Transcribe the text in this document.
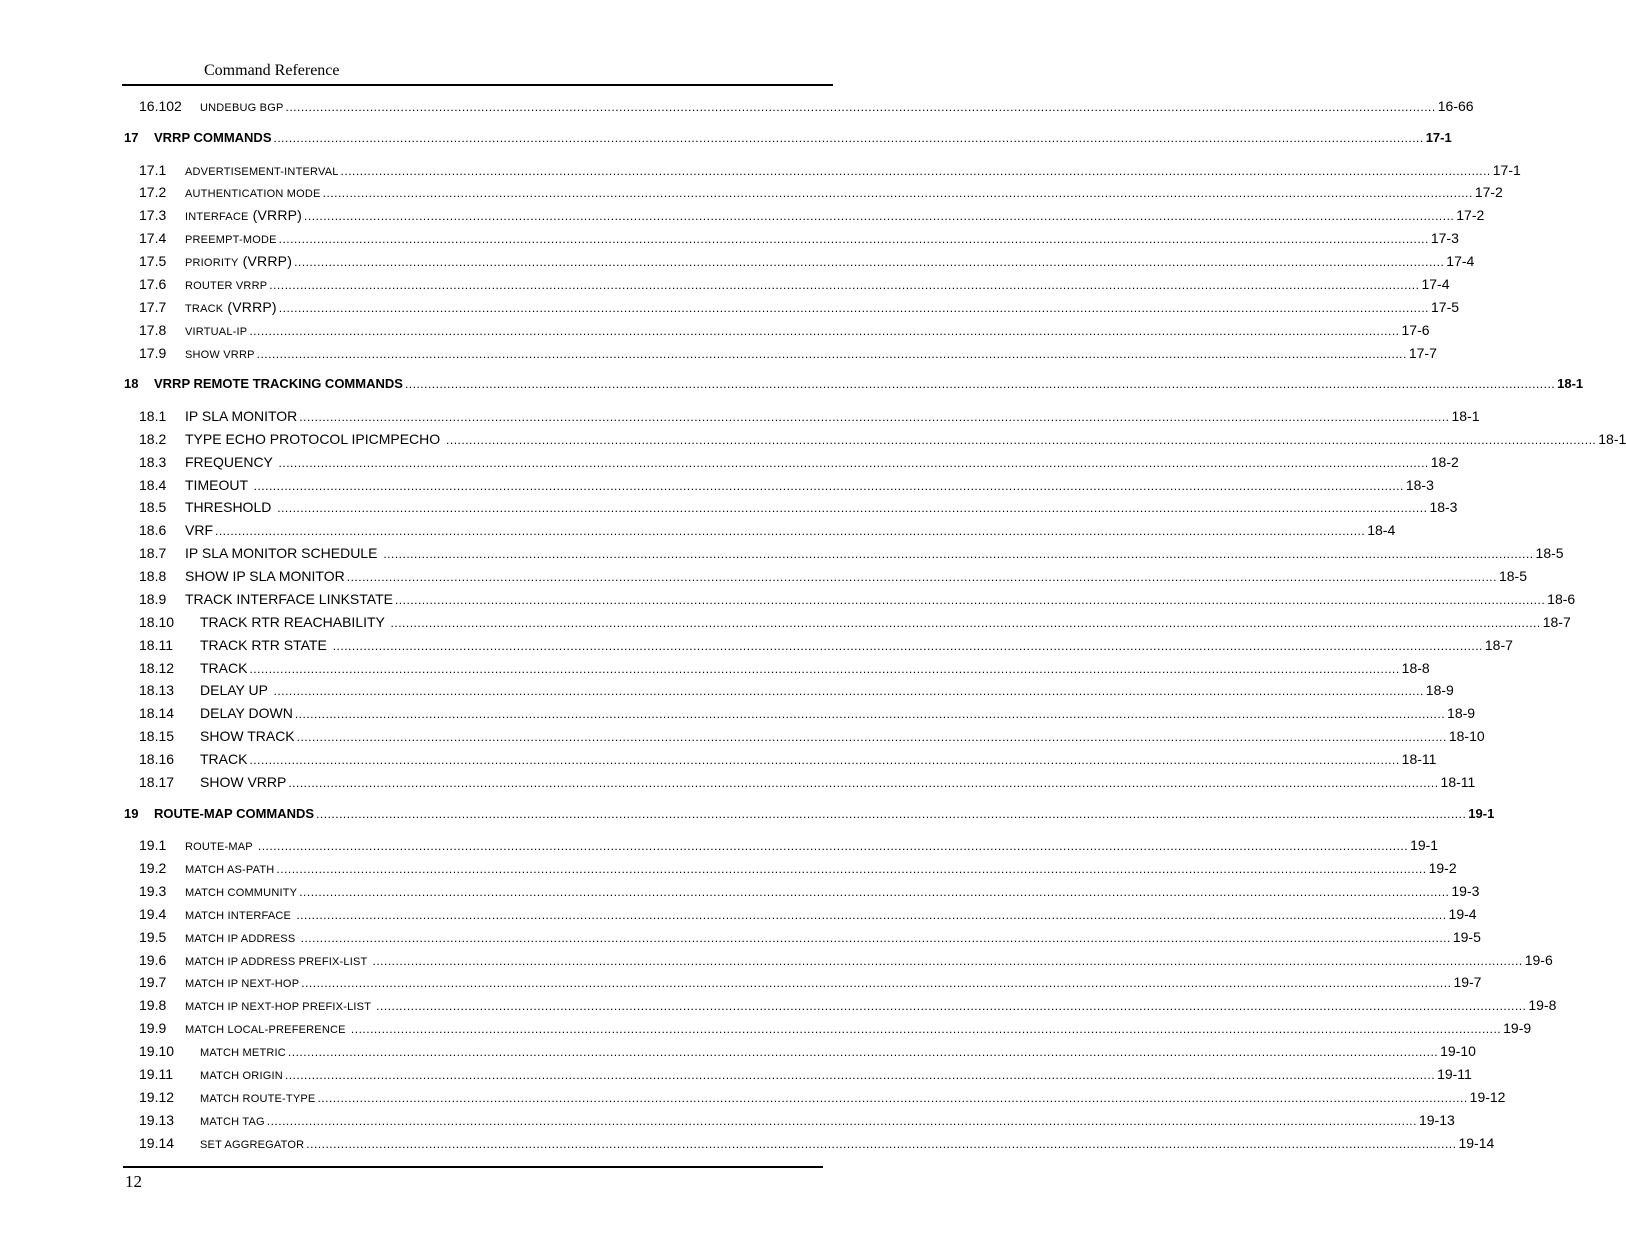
Command Reference
16.102 UNDEBUG BGP ............................................................................................................................................................................................................................................................................................................ 16-66
17 VRRP COMMANDS ............................................................................................................................................................................................................................................................................................................ 17-1
17.1 ADVERTISEMENT-INTERVAL ............................................................................................................................................................................................................................................................................................................ 17-1
17.2 AUTHENTICATION MODE ............................................................................................................................................................................................................................................................................................................ 17-2
17.3 INTERFACE (VRRP) ............................................................................................................................................................................................................................................................................................................ 17-2
17.4 PREEMPT-MODE ............................................................................................................................................................................................................................................................................................................ 17-3
17.5 PRIORITY (VRRP) ............................................................................................................................................................................................................................................................................................................ 17-4
17.6 ROUTER VRRP ............................................................................................................................................................................................................................................................................................................ 17-4
17.7 TRACK (VRRP) ............................................................................................................................................................................................................................................................................................................ 17-5
17.8 VIRTUAL-IP ............................................................................................................................................................................................................................................................................................................ 17-6
17.9 SHOW VRRP ............................................................................................................................................................................................................................................................................................................ 17-7
18 VRRP REMOTE TRACKING COMMANDS ............................................................................................................................................................................................................................................................................................................ 18-1
18.1 IP SLA MONITOR ............................................................................................................................................................................................................................................................................................................ 18-1
18.2 TYPE ECHO PROTOCOL IPICMPECHO ............................................................................................................................................................................................................................................................................................................ 18-1
18.3 FREQUENCY ............................................................................................................................................................................................................................................................................................................ 18-2
18.4 TIMEOUT ............................................................................................................................................................................................................................................................................................................ 18-3
18.5 THRESHOLD ............................................................................................................................................................................................................................................................................................................ 18-3
18.6 VRF ............................................................................................................................................................................................................................................................................................................ 18-4
18.7 IP SLA MONITOR SCHEDULE ............................................................................................................................................................................................................................................................................................................ 18-5
18.8 SHOW IP SLA MONITOR ............................................................................................................................................................................................................................................................................................................ 18-5
18.9 TRACK INTERFACE LINKSTATE ............................................................................................................................................................................................................................................................................................................ 18-6
18.10 TRACK RTR REACHABILITY ............................................................................................................................................................................................................................................................................................................ 18-7
18.11 TRACK RTR STATE ............................................................................................................................................................................................................................................................................................................ 18-7
18.12 TRACK ............................................................................................................................................................................................................................................................................................................ 18-8
18.13 DELAY UP ............................................................................................................................................................................................................................................................................................................ 18-9
18.14 DELAY DOWN ............................................................................................................................................................................................................................................................................................................ 18-9
18.15 SHOW TRACK ............................................................................................................................................................................................................................................................................................................ 18-10
18.16 TRACK ............................................................................................................................................................................................................................................................................................................ 18-11
18.17 SHOW VRRP ............................................................................................................................................................................................................................................................................................................ 18-11
19 ROUTE-MAP COMMANDS ............................................................................................................................................................................................................................................................................................................ 19-1
19.1 ROUTE-MAP ............................................................................................................................................................................................................................................................................................................ 19-1
19.2 MATCH AS-PATH ............................................................................................................................................................................................................................................................................................................ 19-2
19.3 MATCH COMMUNITY ............................................................................................................................................................................................................................................................................................................ 19-3
19.4 MATCH INTERFACE ............................................................................................................................................................................................................................................................................................................ 19-4
19.5 MATCH IP ADDRESS ............................................................................................................................................................................................................................................................................................................ 19-5
19.6 MATCH IP ADDRESS PREFIX-LIST ............................................................................................................................................................................................................................................................................................................ 19-6
19.7 MATCH IP NEXT-HOP ............................................................................................................................................................................................................................................................................................................ 19-7
19.8 MATCH IP NEXT-HOP PREFIX-LIST ............................................................................................................................................................................................................................................................................................................ 19-8
19.9 MATCH LOCAL-PREFERENCE ............................................................................................................................................................................................................................................................................................................ 19-9
19.10 MATCH METRIC ............................................................................................................................................................................................................................................................................................................ 19-10
19.11 MATCH ORIGIN ............................................................................................................................................................................................................................................................................................................ 19-11
19.12 MATCH ROUTE-TYPE ............................................................................................................................................................................................................................................................................................................ 19-12
19.13 MATCH TAG ............................................................................................................................................................................................................................................................................................................ 19-13
19.14 SET AGGREGATOR ............................................................................................................................................................................................................................................................................................................ 19-14
12
